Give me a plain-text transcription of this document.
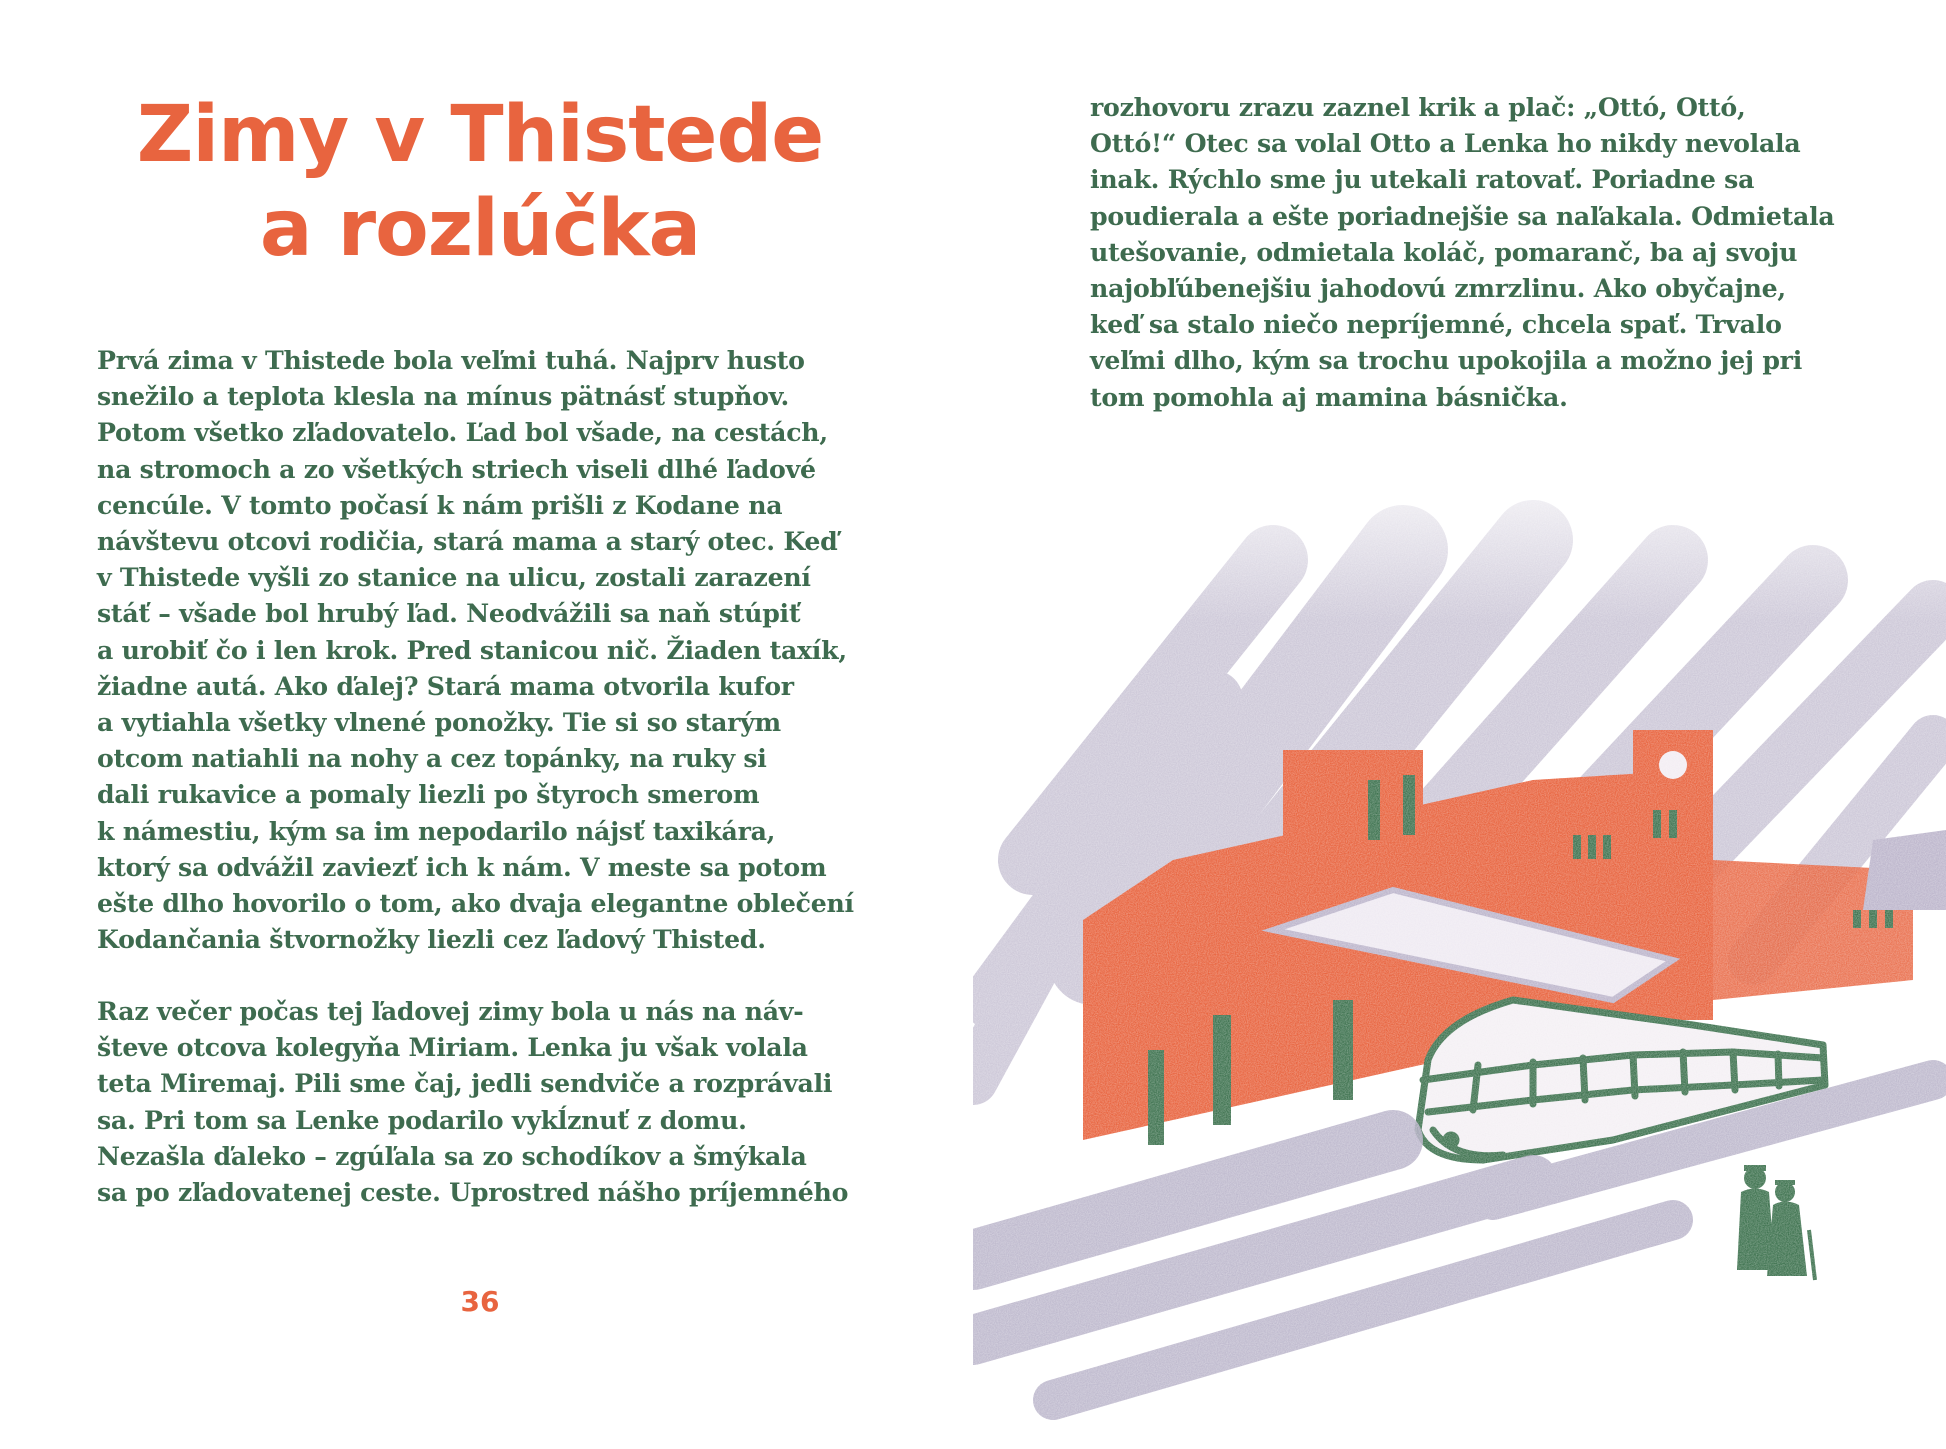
Zimy v Thistede
a rozlúčka

Prvá zima v Thistede bola veľmi tuhá. Najprv husto
snežilo a teplota klesla na mínus pätnásť stupňov.
Potom všetko zľadovatelo. Ľad bol všade, na cestách,
na stromoch a zo všetkých striech viseli dlhé ľadové
cencúle. V tomto počasí k nám prišli z Kodane na
návštevu otcovi rodičia, stará mama a starý otec. Keď
v Thistede vyšli zo stanice na ulicu, zostali zarazení
stáť – všade bol hrubý ľad. Neodvážili sa naň stúpiť
a urobiť čo i len krok. Pred stanicou nič. Žiaden taxík,
žiadne autá. Ako ďalej? Stará mama otvorila kufor
a vytiahla všetky vlnené ponožky. Tie si so starým
otcom natiahli na nohy a cez topánky, na ruky si
dali rukavice a pomaly liezli po štyroch smerom
k námestiu, kým sa im nepodarilo nájsť taxikára,
ktorý sa odvážil zaviezť ich k nám. V meste sa potom
ešte dlho hovorilo o tom, ako dvaja elegantne oblečení
Kodančania štvornožky liezli cez ľadový Thisted.

Raz večer počas tej ľadovej zimy bola u nás na náv-
števe otcova kolegyňa Miriam. Lenka ju však volala
teta Miremaj. Pili sme čaj, jedli sendviče a rozprávali
sa. Pri tom sa Lenke podarilo vykĺznuť z domu.
Nezašla ďaleko – zgúľala sa zo schodíkov a šmýkala
sa po zľadovatenej ceste. Uprostred nášho príjemného

36

rozhovoru zrazu zaznel krik a plač: „Ottó, Ottó,
Ottó!“ Otec sa volal Otto a Lenka ho nikdy nevolala
inak. Rýchlo sme ju utekali ratovať. Poriadne sa
poudierala a ešte poriadnejšie sa naľakala. Odmietala
utešovanie, odmietala koláč, pomaranč, ba aj svoju
najobľúbenejšiu jahodovú zmrzlinu. Ako obyčajne,
keď sa stalo niečo nepríjemné, chcela spať. Trvalo
veľmi dlho, kým sa trochu upokojila a možno jej pri
tom pomohla aj mamina básnička.
